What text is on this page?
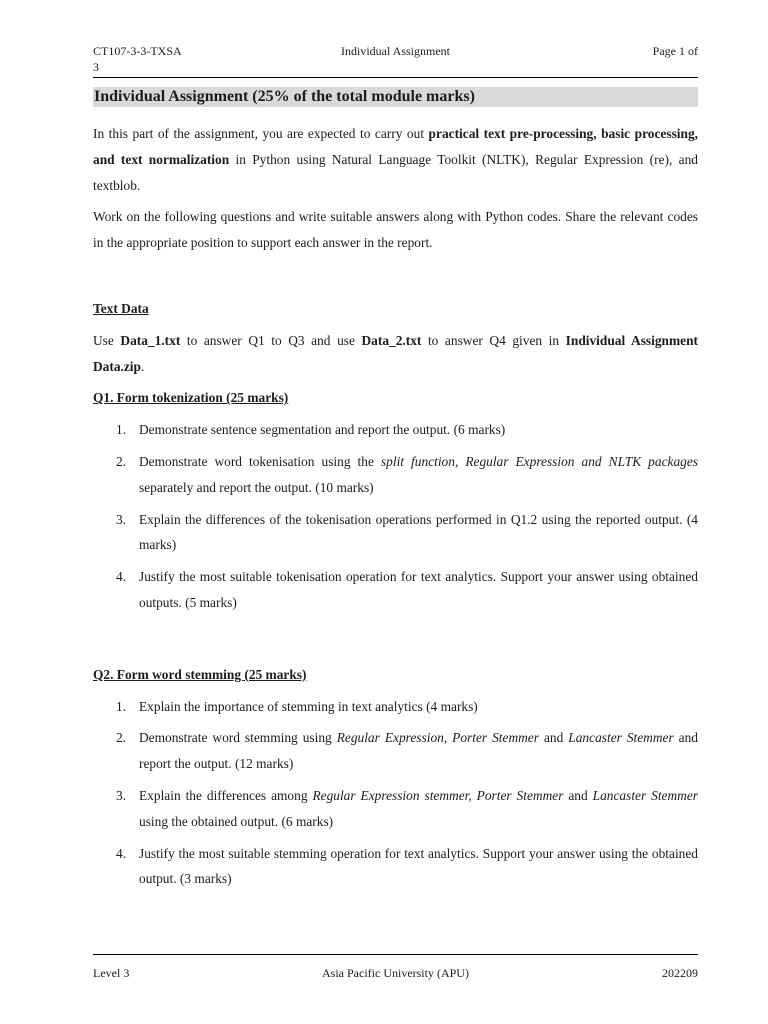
CT107-3-3-TXSA
3
Individual Assignment	Page 1 of
Individual Assignment (25% of the total module marks)

In this part of the assignment, you are expected to carry out practical text pre-processing, basic processing, and text normalization in Python using Natural Language Toolkit (NLTK), Regular Expression (re), and textblob.

Work on the following questions and write suitable answers along with Python codes. Share the relevant codes in the appropriate position to support each answer in the report.

Text Data

Use Data_1.txt to answer Q1 to Q3 and use Data_2.txt to answer Q4 given in Individual Assignment Data.zip.

Q1. Form tokenization (25 marks)

1. Demonstrate sentence segmentation and report the output. (6 marks)
2. Demonstrate word tokenisation using the split function, Regular Expression and NLTK packages separately and report the output. (10 marks)
3. Explain the differences of the tokenisation operations performed in Q1.2 using the reported output. (4 marks)
4. Justify the most suitable tokenisation operation for text analytics. Support your answer using obtained outputs. (5 marks)

Q2. Form word stemming (25 marks)

1. Explain the importance of stemming in text analytics (4 marks)
2. Demonstrate word stemming using Regular Expression, Porter Stemmer and Lancaster Stemmer and report the output. (12 marks)
3. Explain the differences among Regular Expression stemmer, Porter Stemmer and Lancaster Stemmer using the obtained output. (6 marks)
4. Justify the most suitable stemming operation for text analytics. Support your answer using the obtained output. (3 marks)
Level 3	Asia Pacific University (APU)	202209
